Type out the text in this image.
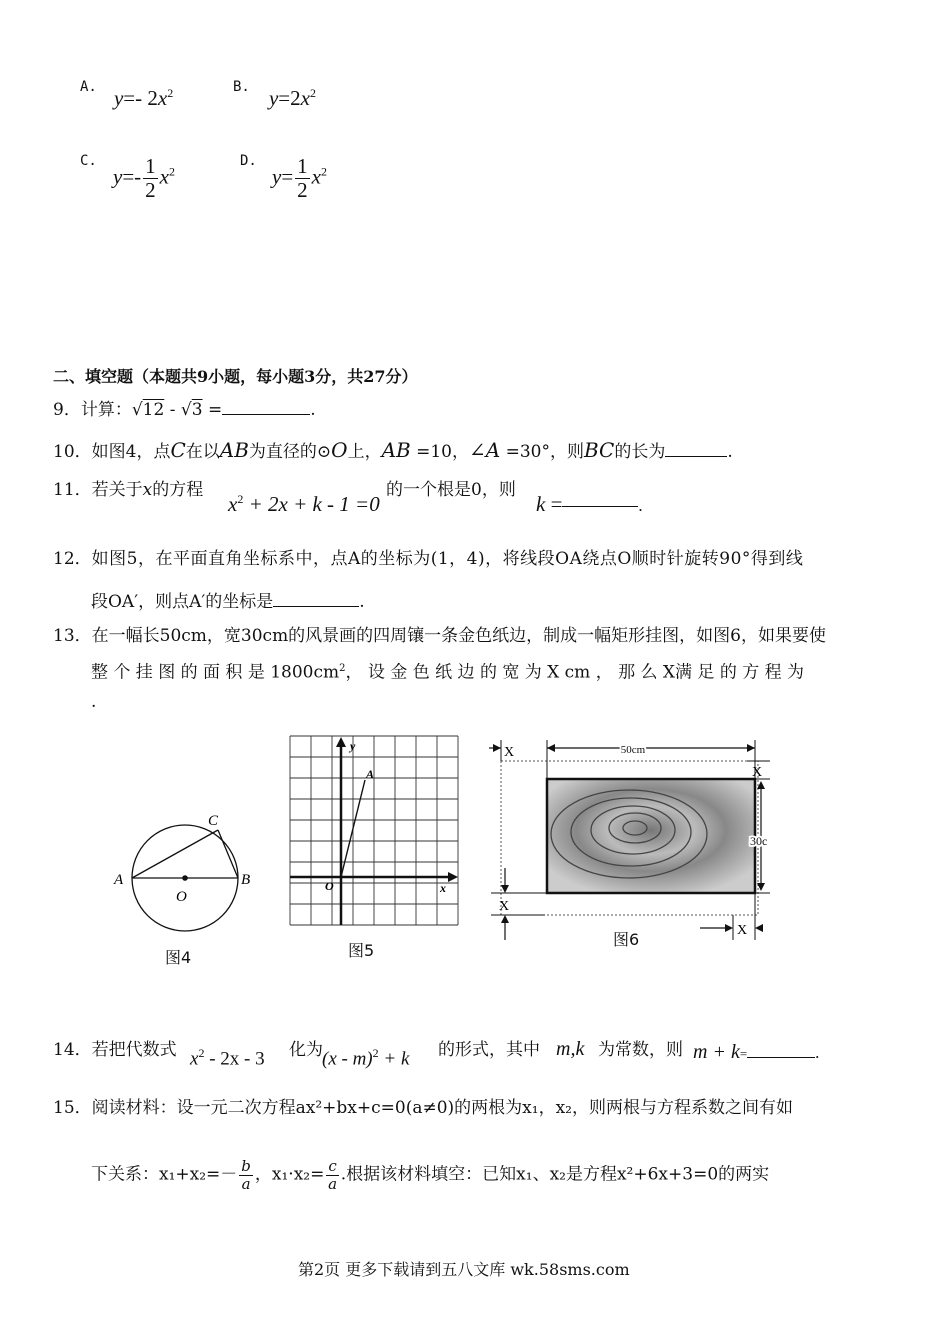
A. y=- $2x^2$	B. $y=2x^2$
C.
$y=- \frac{1}{2} x^2$
D.
$y= \frac{1}{2} x^2$
二、填空题（本题共9小题，每小题3分，共27分）
9．计算：√12 - √3 =	.
10．如图4，点C在以AB为直径的⊙O上，AB =10，∠A =30°，则BC的长为	.
11．若关于x的方程
$x^2 + 2x + k - 1 =0$
的一个根是0，则
k =	.
12．如图5，在平面直角坐标系中，点A的坐标为(1，4)，将线段OA绕点O顺时针旋转90°得到线
段OA′，则点A′的坐标是	.
13．在一幅长50cm，宽30cm的风景画的四周镶一条金色纸边，制成一幅矩形挂图，如图6，如果要使
整 个 挂 图 的 面 积 是 $1800cm^2$， 设 金 色 纸 边 的 宽 为 X cm ， 那 么 X满 足 的 方 程 为
.
A	B
C
O
图4
y
x
A
O
图5
50cm
X
X
30c
X
X
图6
14．若把代数式 $x^2 - 2x - 3$ 化为 (x - m)$^2$ + k 的形式，其中 m,k 为常数，则 m + k=	.
15．阅读材料：设一元二次方程ax²+bx+c=0(a≠0)的两根为x₁，x₂，则两根与方程系数之间有如
下关系：$x_1+x_2=- \frac{b}{a}$ ，$x_1\cdot x_2= \frac{c}{a}$ .根据该材料填空：已知x₁、x₂是方程x²+6x+3=0的两实
第2页 更多下载请到五八文库 wk.58sms.com
